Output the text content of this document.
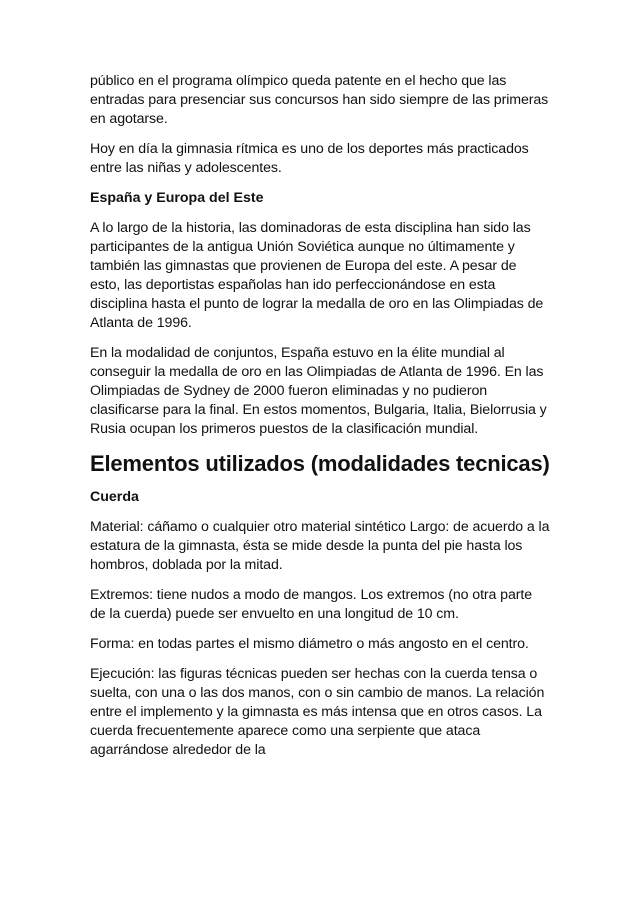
público en el programa olímpico queda patente en el hecho que las entradas para presenciar sus concursos han sido siempre de las primeras en agotarse.

Hoy en día la gimnasia rítmica es uno de los deportes más practicados entre las niñas y adolescentes.

España y Europa del Este

A lo largo de la historia, las dominadoras de esta disciplina han sido las participantes de la antigua Unión Soviética aunque no últimamente y también las gimnastas que provienen de Europa del este. A pesar de esto, las deportistas españolas han ido perfeccionándose en esta disciplina hasta el punto de lograr la medalla de oro en las Olimpiadas de Atlanta de 1996.

En la modalidad de conjuntos, España estuvo en la élite mundial al conseguir la medalla de oro en las Olimpiadas de Atlanta de 1996. En las Olimpiadas de Sydney de 2000 fueron eliminadas y no pudieron clasificarse para la final. En estos momentos, Bulgaria, Italia, Bielorrusia y Rusia ocupan los primeros puestos de la clasificación mundial.

Elementos utilizados (modalidades tecnicas)
Cuerda

Material: cáñamo o cualquier otro material sintético Largo: de acuerdo a la estatura de la gimnasta, ésta se mide desde la punta del pie hasta los hombros, doblada por la mitad.

Extremos: tiene nudos a modo de mangos. Los extremos (no otra parte de la cuerda) puede ser envuelto en una longitud de 10 cm.

Forma: en todas partes el mismo diámetro o más angosto en el centro.

Ejecución: las figuras técnicas pueden ser hechas con la cuerda tensa o suelta, con una o las dos manos, con o sin cambio de manos. La relación entre el implemento y la gimnasta es más intensa que en otros casos. La cuerda frecuentemente aparece como una serpiente que ataca agarrándose alrededor de la
